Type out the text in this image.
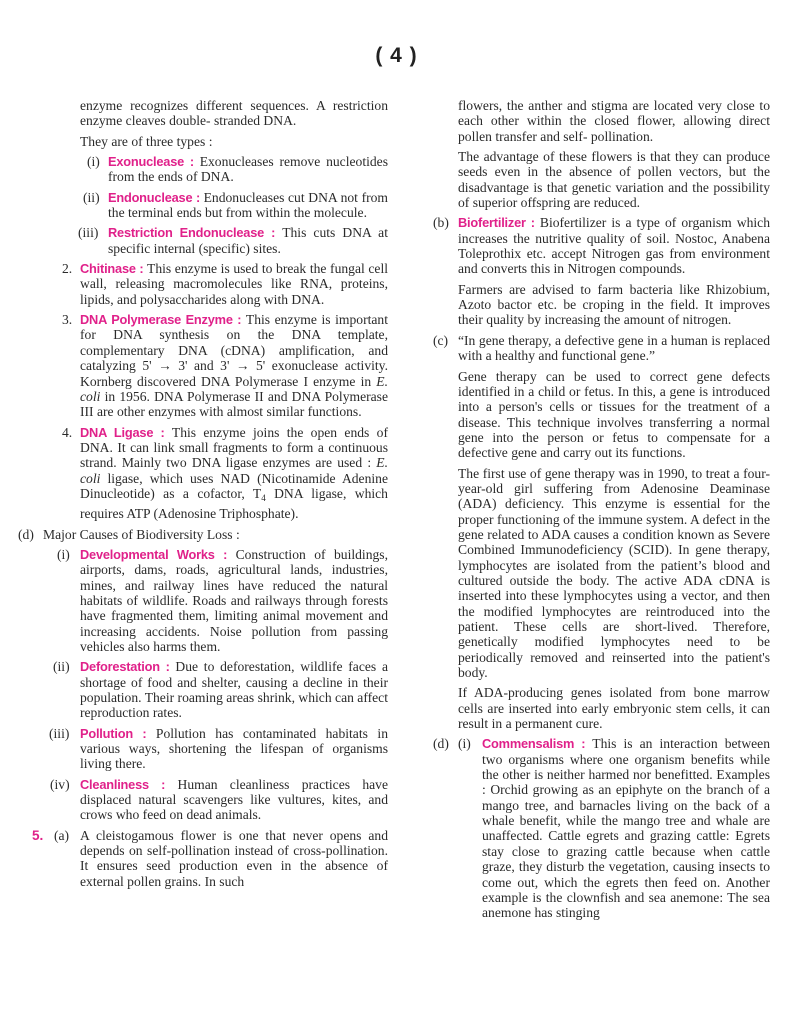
( 4 )

enzyme recognizes different sequences. A restriction enzyme cleaves double- stranded DNA.

They are of three types :

(i) Exonuclease : Exonucleases remove nucleotides from the ends of DNA.

(ii) Endonuclease : Endonucleases cut DNA not from the terminal ends but from within the molecule.

(iii) Restriction Endonuclease : This cuts DNA at specific internal (specific) sites.

2. Chitinase : This enzyme is used to break the fungal cell wall, releasing macromolecules like RNA, proteins, lipids, and polysaccharides along with DNA.

3. DNA Polymerase Enzyme : This enzyme is important for DNA synthesis on the DNA template, complementary DNA (cDNA) amplification, and catalyzing 5' → 3' and 3' → 5' exonuclease activity. Kornberg discovered DNA Polymerase I enzyme in E. coli in 1956. DNA Polymerase II and DNA Polymerase III are other enzymes with almost similar functions.

4. DNA Ligase : This enzyme joins the open ends of DNA. It can link small fragments to form a continuous strand. Mainly two DNA ligase enzymes are used : E. coli ligase, which uses NAD (Nicotinamide Adenine Dinucleotide) as a cofactor, $T_4$ DNA ligase, which requires ATP (Adenosine Triphosphate).

(d) Major Causes of Biodiversity Loss :

(i) Developmental Works : Construction of buildings, airports, dams, roads, agricultural lands, industries, mines, and railway lines have reduced the natural habitats of wildlife. Roads and railways through forests have fragmented them, limiting animal movement and increasing accidents. Noise pollution from passing vehicles also harms them.

(ii) Deforestation : Due to deforestation, wildlife faces a shortage of food and shelter, causing a decline in their population. Their roaming areas shrink, which can affect reproduction rates.

(iii) Pollution : Pollution has contaminated habitats in various ways, shortening the lifespan of organisms living there.

(iv) Cleanliness : Human cleanliness practices have displaced natural scavengers like vultures, kites, and crows who feed on dead animals.

5. (a) A cleistogamous flower is one that never opens and depends on self-pollination instead of cross-pollination. It ensures seed production even in the absence of external pollen grains. In such

flowers, the anther and stigma are located very close to each other within the closed flower, allowing direct pollen transfer and self- pollination.

The advantage of these flowers is that they can produce seeds even in the absence of pollen vectors, but the disadvantage is that genetic variation and the possibility of superior offspring are reduced.

(b) Biofertilizer : Biofertilizer is a type of organism which increases the nutritive quality of soil. Nostoc, Anabena Toleprothix etc. accept Nitrogen gas from environment and converts this in Nitrogen compounds.

Farmers are advised to farm bacteria like Rhizobium, Azoto bactor etc. be croping in the field. It improves their quality by increasing the amount of nitrogen.

(c) “In gene therapy, a defective gene in a human is replaced with a healthy and functional gene.”

Gene therapy can be used to correct gene defects identified in a child or fetus. In this, a gene is introduced into a person's cells or tissues for the treatment of a disease. This technique involves transferring a normal gene into the person or fetus to compensate for a defective gene and carry out its functions.

The first use of gene therapy was in 1990, to treat a four-year-old girl suffering from Adenosine Deaminase (ADA) deficiency. This enzyme is essential for the proper functioning of the immune system. A defect in the gene related to ADA causes a condition known as Severe Combined Immunodeficiency (SCID). In gene therapy, lymphocytes are isolated from the patient’s blood and cultured outside the body. The active ADA cDNA is inserted into these lymphocytes using a vector, and then the modified lymphocytes are reintroduced into the patient. These cells are short-lived. Therefore, genetically modified lymphocytes need to be periodically removed and reinserted into the patient's body.

If ADA-producing genes isolated from bone marrow cells are inserted into early embryonic stem cells, it can result in a permanent cure.

(d) (i) Commensalism : This is an interaction between two organisms where one organism benefits while the other is neither harmed nor benefitted. Examples : Orchid growing as an epiphyte on the branch of a mango tree, and barnacles living on the back of a whale benefit, while the mango tree and whale are unaffected. Cattle egrets and grazing cattle: Egrets stay close to grazing cattle because when cattle graze, they disturb the vegetation, causing insects to come out, which the egrets then feed on. Another example is the clownfish and sea anemone: The sea anemone has stinging
